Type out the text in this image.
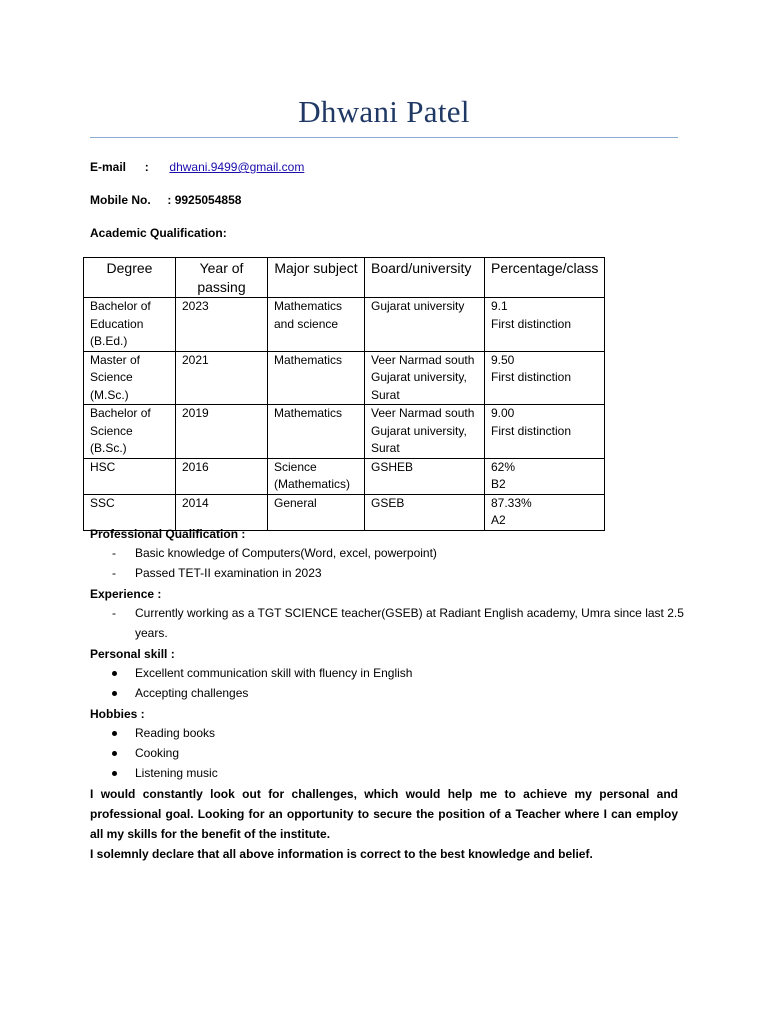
Dhwani Patel
E-mail : dhwani.9499@gmail.com
Mobile No. : 9925054858
Academic Qualification:
Degree	Year of passing	Major subject	Board/university	Percentage/class
Bachelor of Education (B.Ed.)	2023	Mathematics and science	Gujarat university	9.1
First distinction
Master of Science (M.Sc.)	2021	Mathematics	Veer Narmad south Gujarat university, Surat	9.50
First distinction
Bachelor of Science (B.Sc.)	2019	Mathematics	Veer Narmad south Gujarat university, Surat	9.00
First distinction
HSC	2016	Science (Mathematics)	GSHEB	62%
B2
SSC	2014	General	GSEB	87.33%
A2
Professional Qualification :
- Basic knowledge of Computers(Word, excel, powerpoint)
- Passed TET-II examination in 2023
Experience :
- Currently working as a TGT SCIENCE teacher(GSEB) at Radiant English academy, Umra since last 2.5 years.
Personal skill :
Excellent communication skill with fluency in English
Accepting challenges
Hobbies :
Reading books
Cooking
Listening music
I would constantly look out for challenges, which would help me to achieve my personal and professional goal. Looking for an opportunity to secure the position of a Teacher where I can employ all my skills for the benefit of the institute.
I solemnly declare that all above information is correct to the best knowledge and belief.
